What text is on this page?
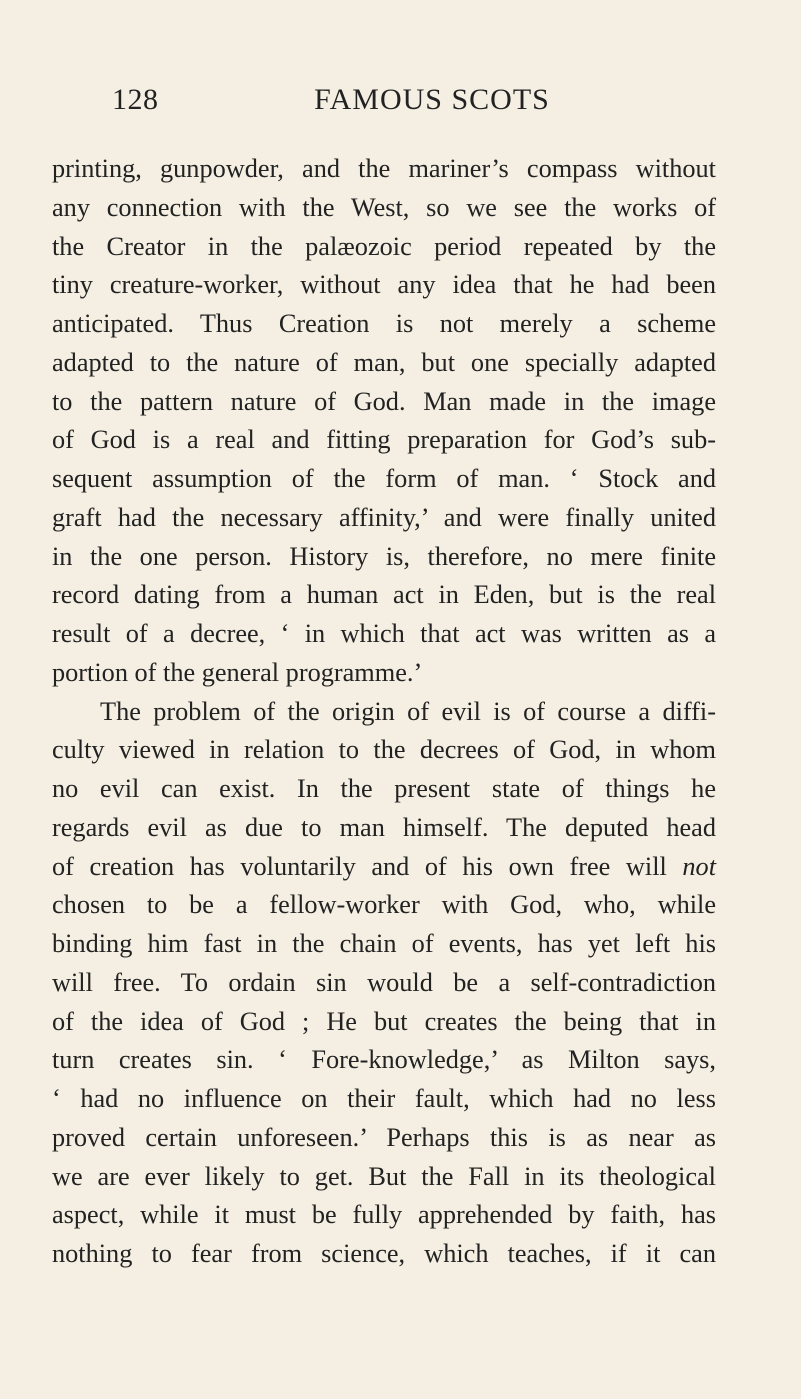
128	FAMOUS SCOTS
printing, gunpowder, and the mariner’s compass without
any connection with the West, so we see the works of
the Creator in the palæozoic period repeated by the
tiny creature-worker, without any idea that he had been
anticipated. Thus Creation is not merely a scheme
adapted to the nature of man, but one specially adapted
to the pattern nature of God. Man made in the image
of God is a real and fitting preparation for God’s sub-
sequent assumption of the form of man. ‘ Stock and
graft had the necessary affinity,’ and were finally united
in the one person. History is, therefore, no mere finite
record dating from a human act in Eden, but is the real
result of a decree, ‘ in which that act was written as a
portion of the general programme.’
The problem of the origin of evil is of course a diffi-
culty viewed in relation to the decrees of God, in whom
no evil can exist. In the present state of things he
regards evil as due to man himself. The deputed head
of creation has voluntarily and of his own free will not
chosen to be a fellow-worker with God, who, while
binding him fast in the chain of events, has yet left his
will free. To ordain sin would be a self-contradiction
of the idea of God ; He but creates the being that in
turn creates sin. ‘ Fore-knowledge,’ as Milton says,
‘ had no influence on their fault, which had no less
proved certain unforeseen.’ Perhaps this is as near as
we are ever likely to get. But the Fall in its theological
aspect, while it must be fully apprehended by faith, has
nothing to fear from science, which teaches, if it can
